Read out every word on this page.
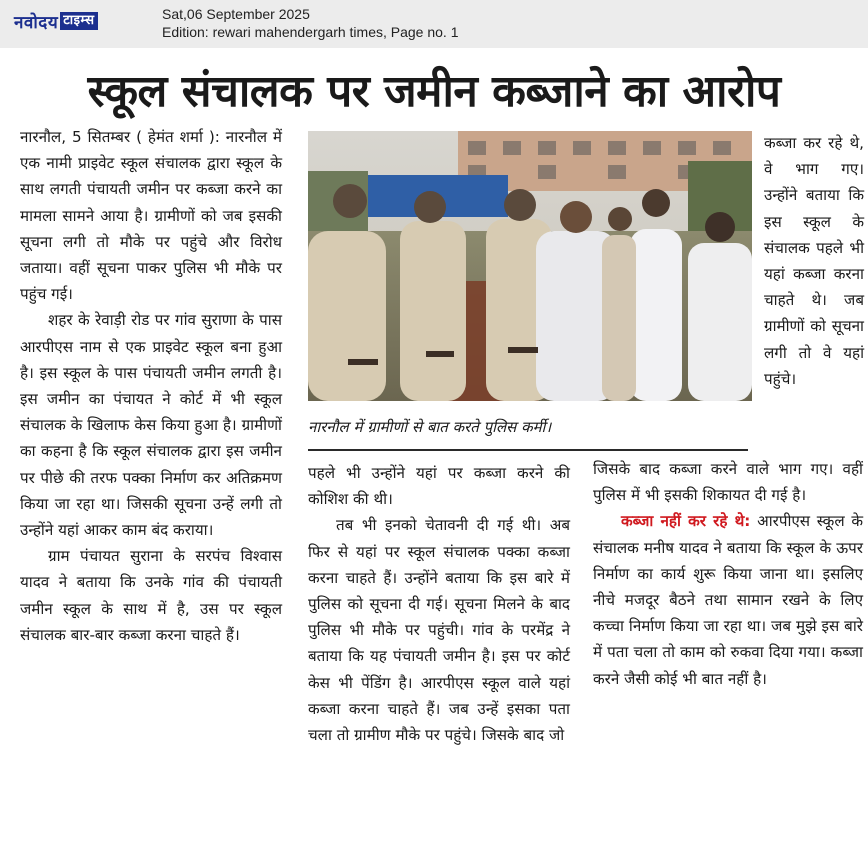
नवोदय टाइम्स	Sat,06 September 2025
Edition: rewari mahendergarh times, Page no. 1
स्कूल संचालक पर जमीन कब्जाने का आरोप

नारनौल, 5 सितम्बर ( हेमंत शर्मा ): नारनौल में एक नामी प्राइवेट स्कूल संचालक द्वारा स्कूल के साथ लगती पंचायती जमीन पर कब्जा करने का मामला सामने आया है। ग्रामीणों को जब इसकी सूचना लगी तो मौके पर पहुंचे और विरोध जताया। वहीं सूचना पाकर पुलिस भी मौके पर पहुंच गई।

शहर के रेवाड़ी रोड पर गांव सुराणा के पास आरपीएस नाम से एक प्राइवेट स्कूल बना हुआ है। इस स्कूल के पास पंचायती जमीन लगती है। इस जमीन का पंचायत ने कोर्ट में भी स्कूल संचालक के खिलाफ केस किया हुआ है। ग्रामीणों का कहना है कि स्कूल संचालक द्वारा इस जमीन पर पीछे की तरफ पक्का निर्माण कर अतिक्रमण किया जा रहा था। जिसकी सूचना उन्हें लगी तो उन्होंने यहां आकर काम बंद कराया।

ग्राम पंचायत सुराना के सरपंच विश्वास यादव ने बताया कि उनके गांव की पंचायती जमीन स्कूल के साथ में है, उस पर स्कूल संचालक बार-बार कब्जा करना चाहते हैं।

नारनौल में ग्रामीणों से बात करते पुलिस कर्मी।

कब्जा कर रहे थे, वे भाग गए। उन्होंने बताया कि इस स्कूल के संचालक पहले भी यहां कब्जा करना चाहते थे। जब ग्रामीणों को सूचना लगी तो वे यहां पहुंचे।

पहले भी उन्होंने यहां पर कब्जा करने की कोशिश की थी।

तब भी इनको चेतावनी दी गई थी। अब फिर से यहां पर स्कूल संचालक पक्का कब्जा करना चाहते हैं। उन्होंने बताया कि इस बारे में पुलिस को सूचना दी गई। सूचना मिलने के बाद पुलिस भी मौके पर पहुंची। गांव के परमेंद्र ने बताया कि यह पंचायती जमीन है। इस पर कोर्ट केस भी पेंडिंग है। आरपीएस स्कूल वाले यहां कब्जा करना चाहते हैं। जब उन्हें इसका पता चला तो ग्रामीण मौके पर पहुंचे। जिसके बाद जो

जिसके बाद कब्जा करने वाले भाग गए। वहीं पुलिस में भी इसकी शिकायत दी गई है।

कब्जा नहीं कर रहे थे: आरपीएस स्कूल के संचालक मनीष यादव ने बताया कि स्कूल के ऊपर निर्माण का कार्य शुरू किया जाना था। इसलिए नीचे मजदूर बैठने तथा सामान रखने के लिए कच्चा निर्माण किया जा रहा था। जब मुझे इस बारे में पता चला तो काम को रुकवा दिया गया। कब्जा करने जैसी कोई भी बात नहीं है।
